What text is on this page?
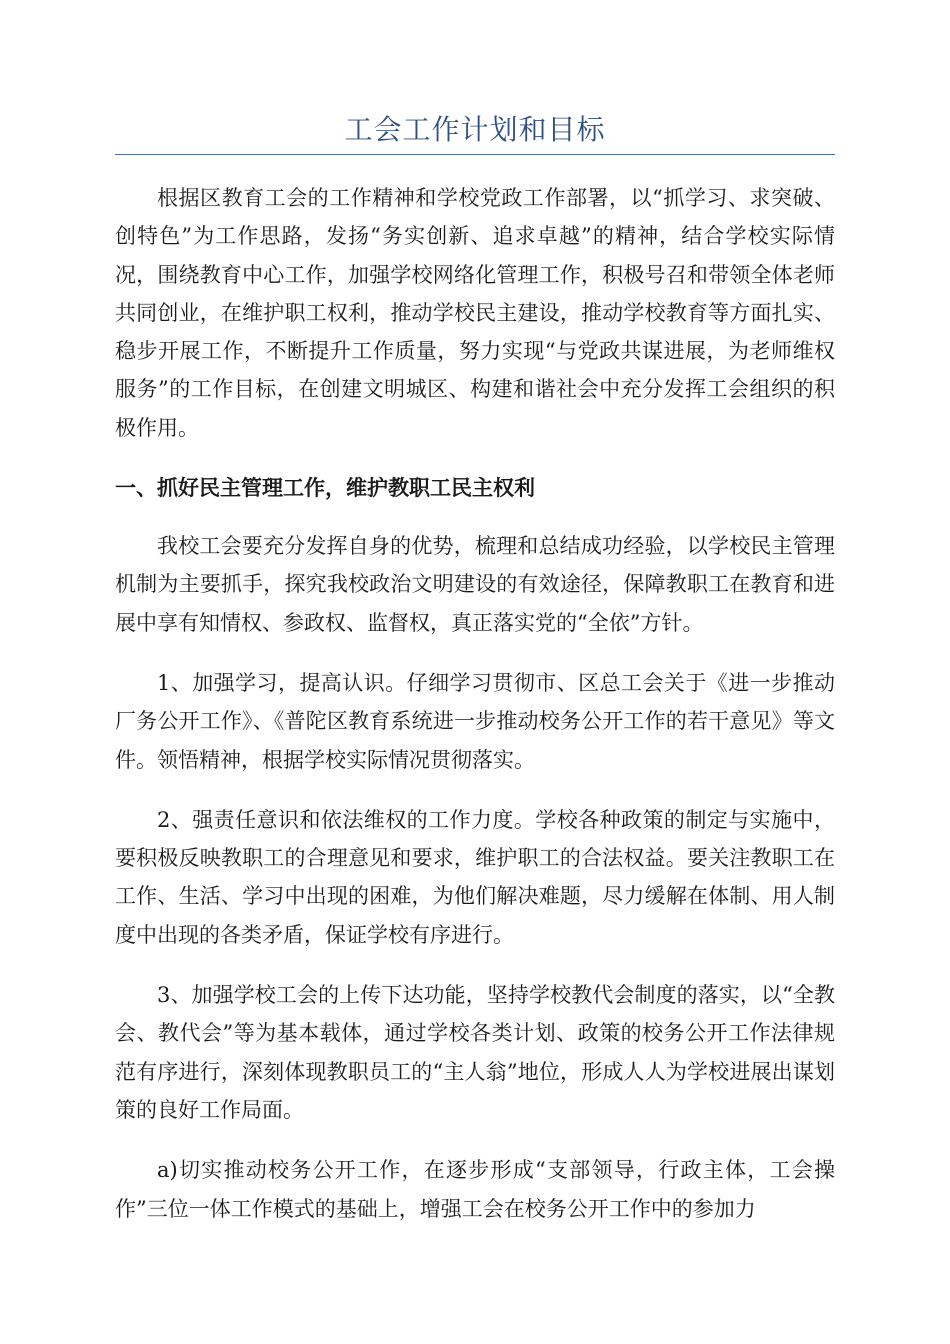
工会工作计划和目标

根据区教育工会的工作精神和学校党政工作部署，以“抓学习、求突破、创特色”为工作思路，发扬“务实创新、追求卓越”的精神，结合学校实际情况，围绕教育中心工作，加强学校网络化管理工作，积极号召和带领全体老师共同创业，在维护职工权利，推动学校民主建设，推动学校教育等方面扎实、稳步开展工作，不断提升工作质量，努力实现“与党政共谋进展，为老师维权服务”的工作目标，在创建文明城区、构建和谐社会中充分发挥工会组织的积极作用。

一、抓好民主管理工作，维护教职工民主权利

我校工会要充分发挥自身的优势，梳理和总结成功经验，以学校民主管理机制为主要抓手，探究我校政治文明建设的有效途径，保障教职工在教育和进展中享有知情权、参政权、监督权，真正落实党的“全依”方针。

1、加强学习，提高认识。仔细学习贯彻市、区总工会关于《进一步推动厂务公开工作》、《普陀区教育系统进一步推动校务公开工作的若干意见》等文件。领悟精神，根据学校实际情况贯彻落实。

2、强责任意识和依法维权的工作力度。学校各种政策的制定与实施中，要积极反映教职工的合理意见和要求，维护职工的合法权益。要关注教职工在工作、生活、学习中出现的困难，为他们解决难题，尽力缓解在体制、用人制度中出现的各类矛盾，保证学校有序进行。

3、加强学校工会的上传下达功能，坚持学校教代会制度的落实，以“全教会、教代会”等为基本载体，通过学校各类计划、政策的校务公开工作法律规范有序进行，深刻体现教职员工的“主人翁”地位，形成人人为学校进展出谋划策的良好工作局面。

a)切实推动校务公开工作，在逐步形成“支部领导，行政主体，工会操作”三位一体工作模式的基础上，增强工会在校务公开工作中的参加力
